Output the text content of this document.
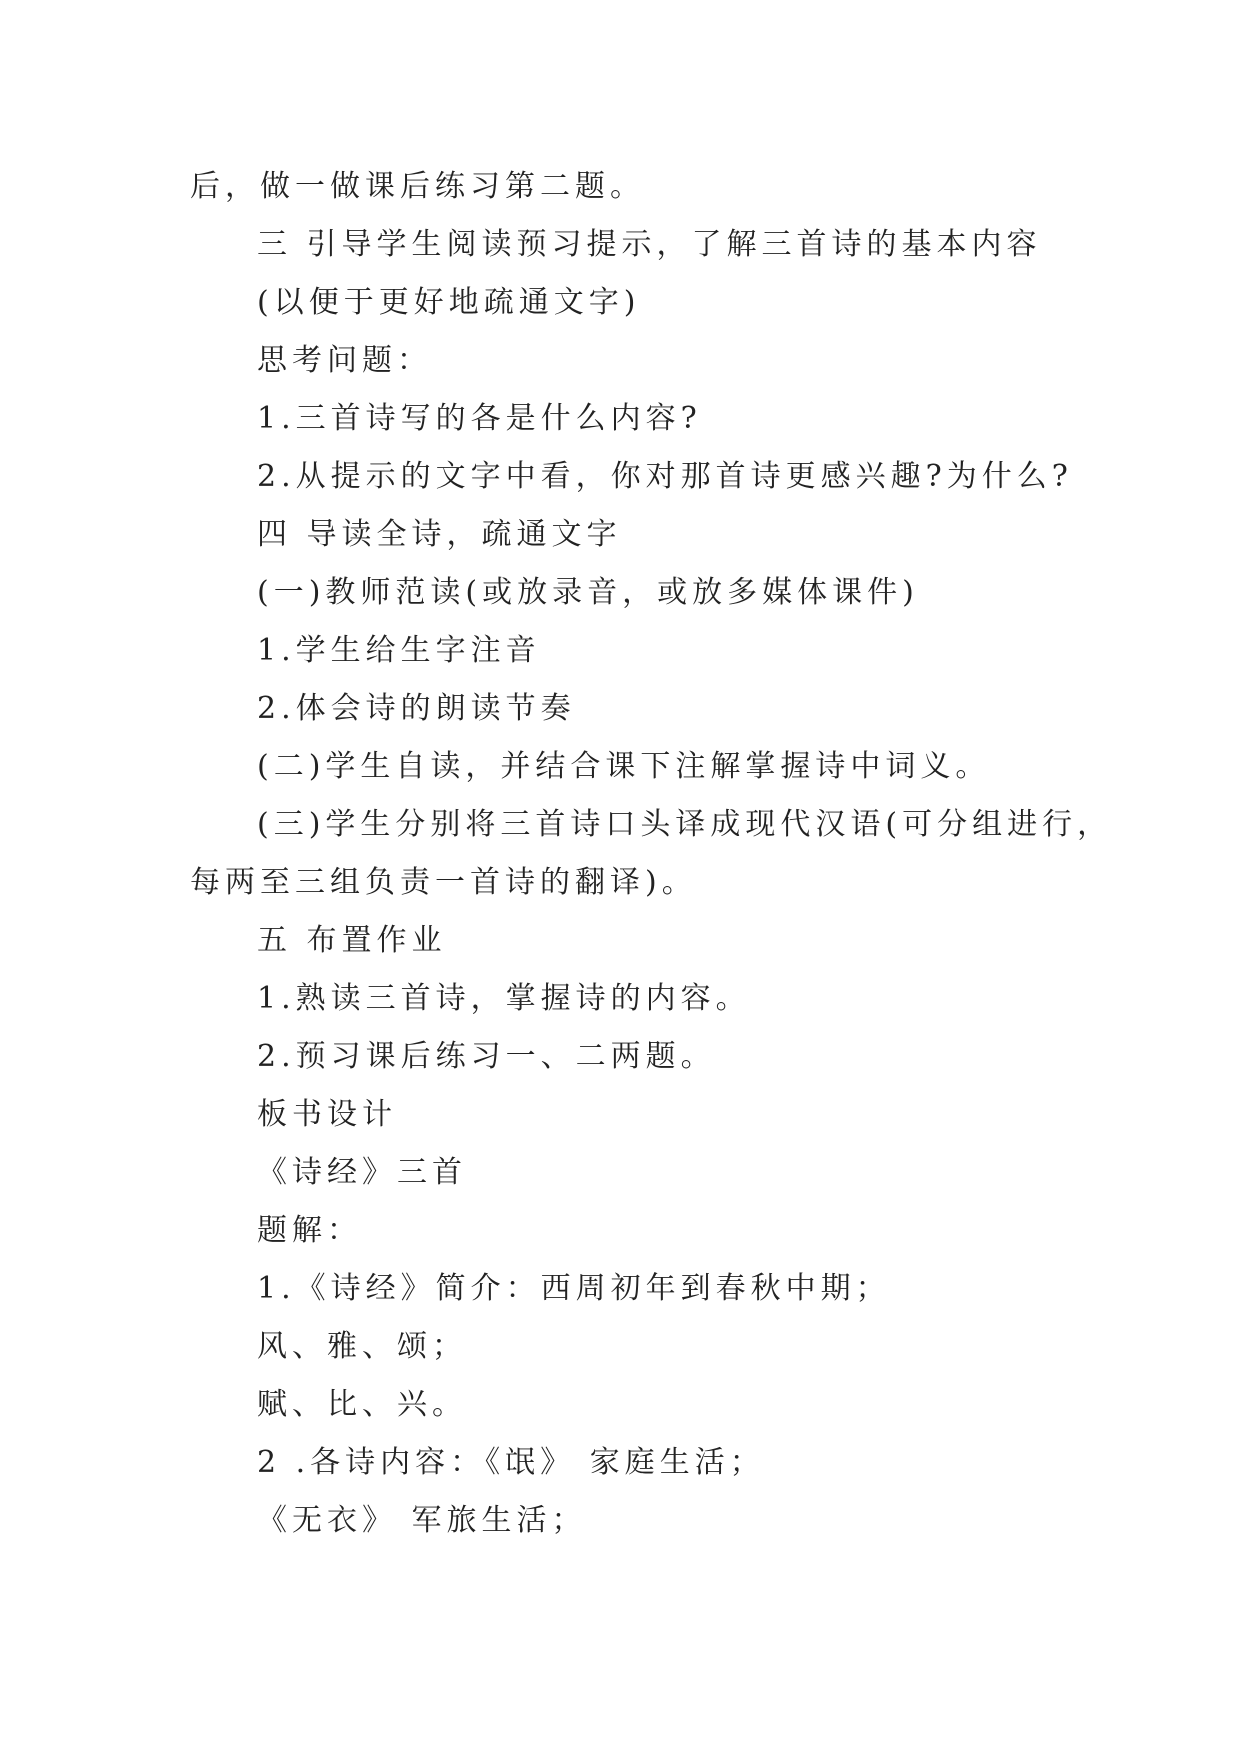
后，做一做课后练习第二题。
三 引导学生阅读预习提示，了解三首诗的基本内容
(以便于更好地疏通文字)
思考问题：
1.三首诗写的各是什么内容?
2.从提示的文字中看，你对那首诗更感兴趣?为什么?
四 导读全诗，疏通文字
(一)教师范读(或放录音，或放多媒体课件)
1.学生给生字注音
2.体会诗的朗读节奏
(二)学生自读，并结合课下注解掌握诗中词义。
(三)学生分别将三首诗口头译成现代汉语(可分组进行，
每两至三组负责一首诗的翻译)。
五 布置作业
1.熟读三首诗，掌握诗的内容。
2.预习课后练习一、二两题。
板书设计
《诗经》三首
题解：
1.《诗经》简介：西周初年到春秋中期；
风、雅、颂；
赋、比、兴。
2 .各诗内容：《氓》 家庭生活；
《无衣》 军旅生活；
